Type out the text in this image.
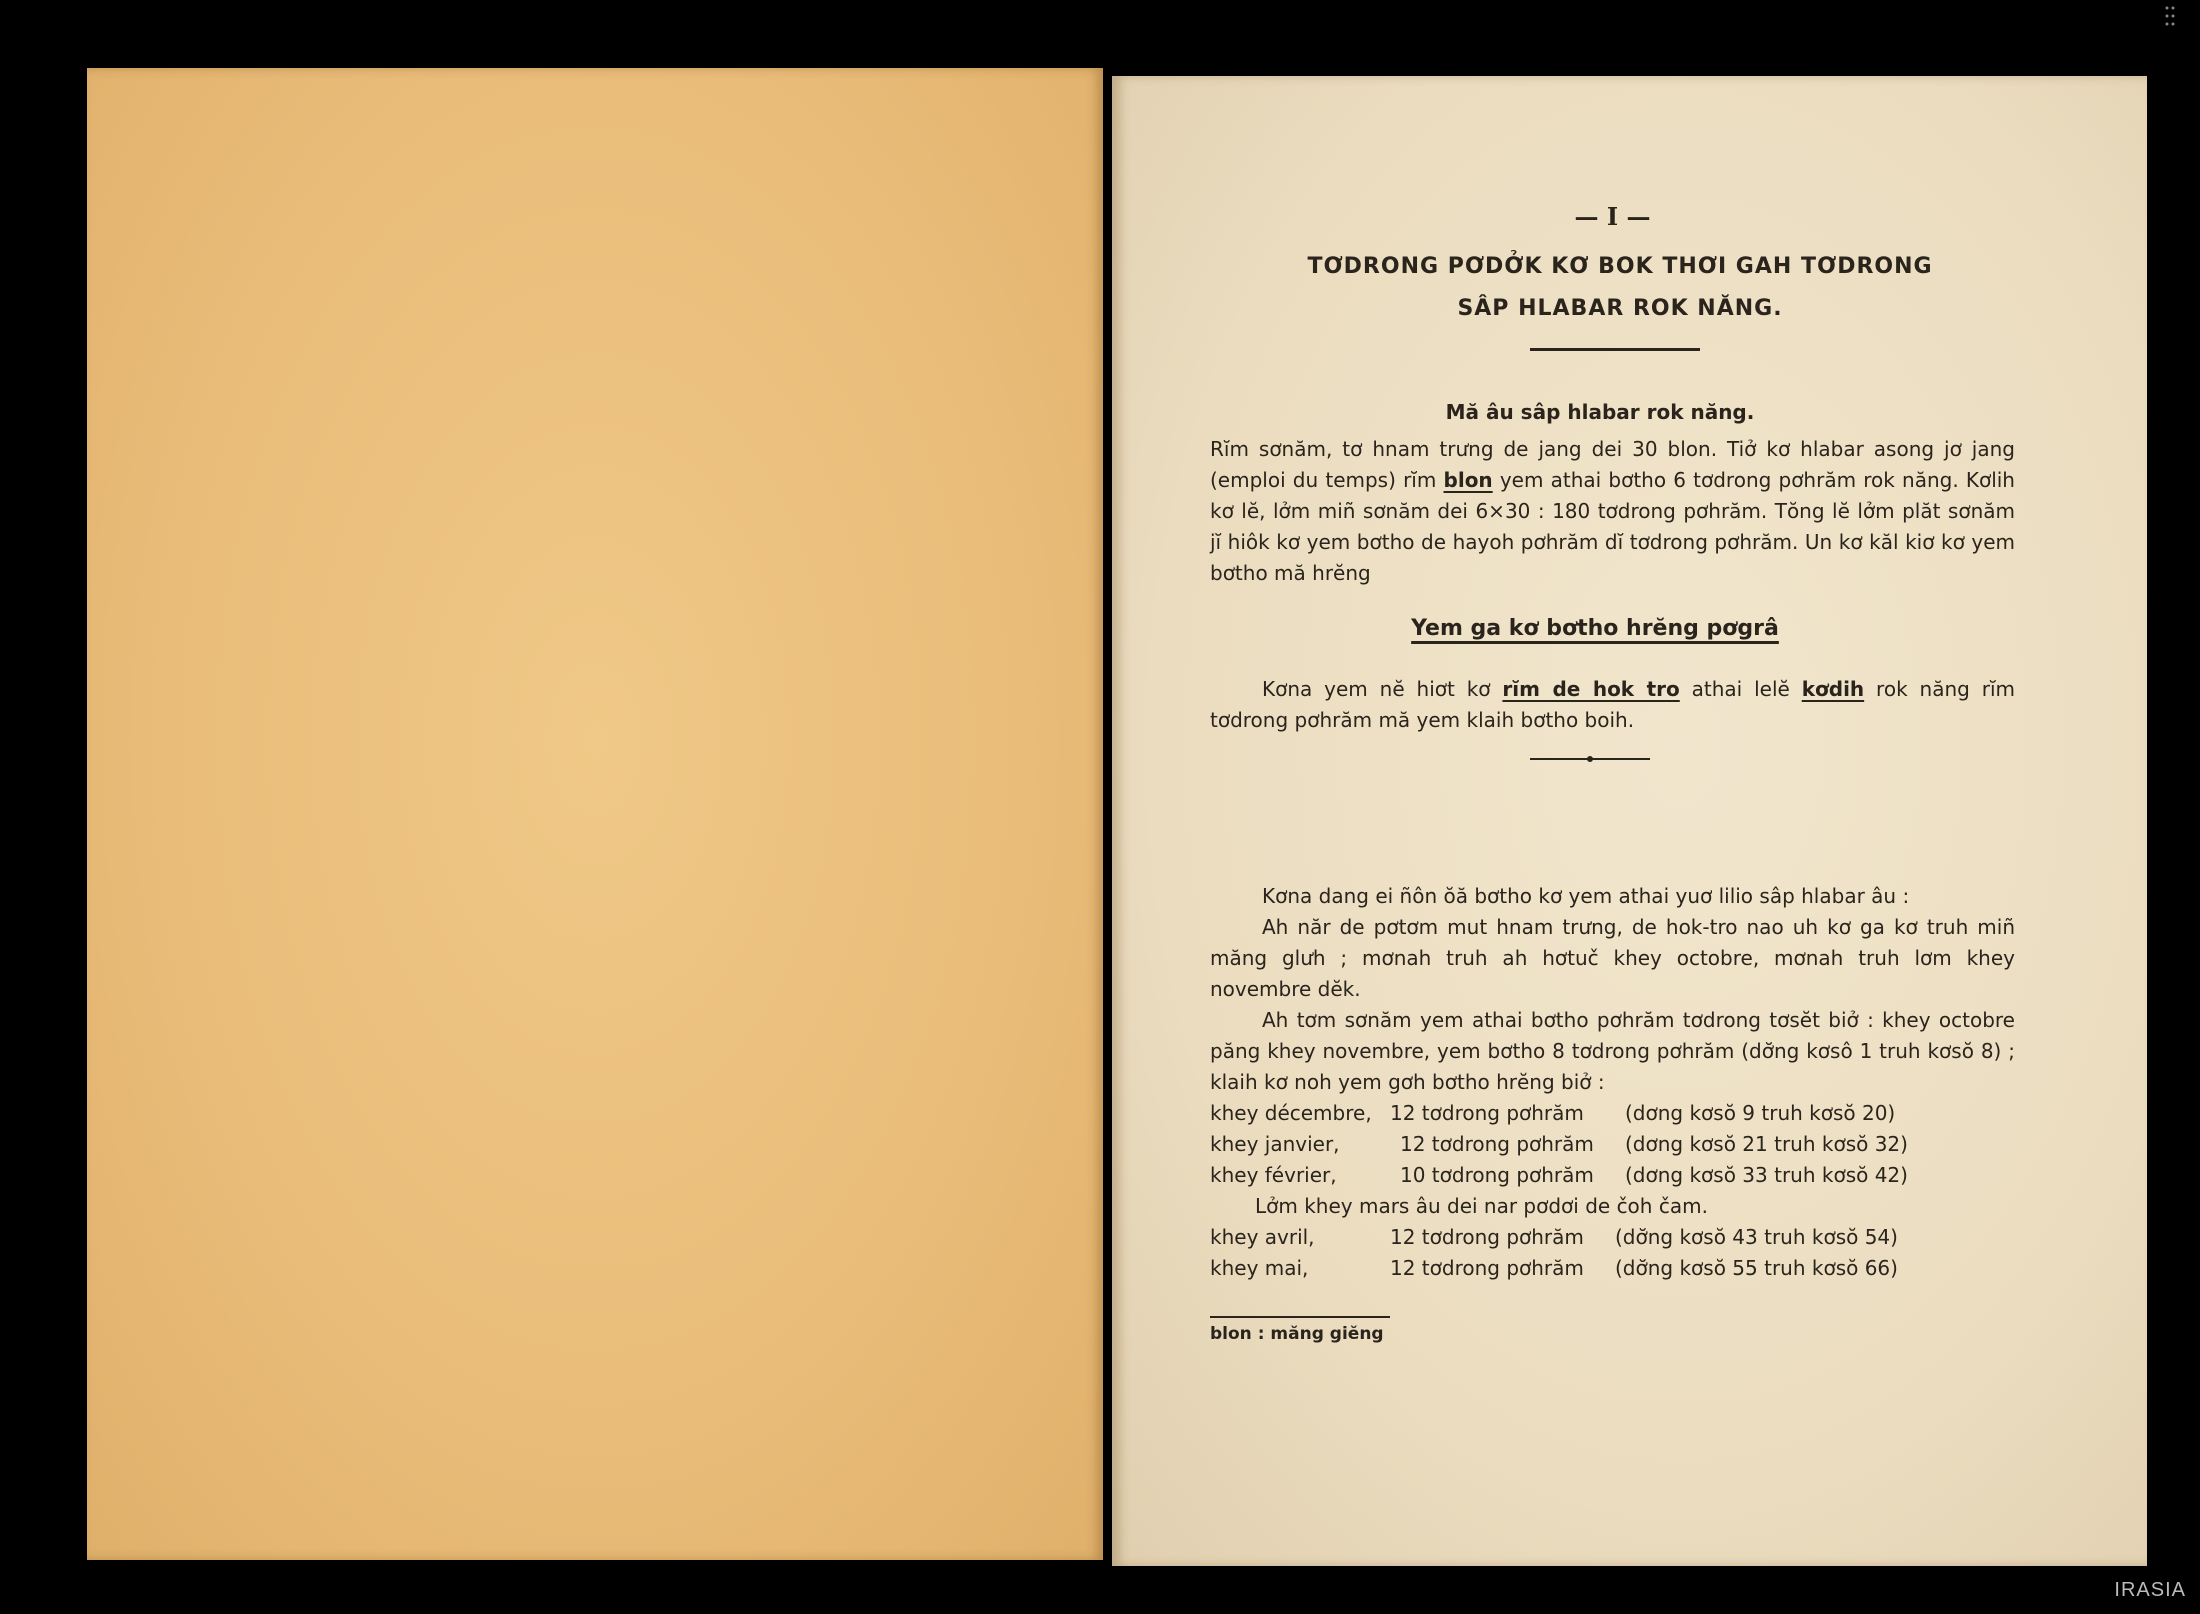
— I —
TƠDRONG PƠDỞK KƠ BOK THƠI GAH TƠDRONG
SÂP HLABAR ROK NĂNG.
Mă âu sâp hlabar rok năng.
Rĭm sơnăm, tơ hnam trưng de jang dei 30 blon. Tiở kơ hlabar asong jơ jang (emploi du temps) rĭm blon yem athai bơtho 6 tơdrong pơhrăm rok năng. Kơlih kơ lĕ, lởm miñ sơnăm dei 6×30 : 180 tơdrong pơhrăm. Tŏng lĕ lởm plăt sơnăm jĭ hiôk kơ yem bơtho de hayoh pơhrăm dĭ tơdrong pơhrăm. Un kơ kăl kiơ kơ yem bơtho mă hrĕng
Yem ga kơ bơtho hrĕng pơgrâ
Kơna yem nĕ hiơt kơ rĭm de hok tro athai lelĕ kơdih rok năng rĭm tơdrong pơhrăm mă yem klaih bơtho boih.
Kơna dang ei ñôn ŏă bơtho kơ yem athai yuơ lilio sâp hlabar âu :
Ah năr de pơtơm mut hnam trưng, de hok-tro nao uh kơ ga kơ truh miñ măng glưh ; mơnah truh ah hơtuč khey octobre, mơnah truh lơm khey novembre dĕk.
Ah tơm sơnăm yem athai bơtho pơhrăm tơdrong tơsĕt biở : khey octobre păng khey novembre, yem bơtho 8 tơdrong pơhrăm (dơ̆ng kơsô 1 truh kơsŏ 8) ; klaih kơ noh yem gơh bơtho hrĕng biở :
khey décembre, 12 tơdrong pơhrăm (dơng kơsŏ 9 truh kơsŏ 20)
khey janvier,	12 tơdrong pơhrăm (dơng kơsŏ 21 truh kơsŏ 32)
khey février,	10 tơdrong pơhrăm (dơng kơsŏ 33 truh kơsŏ 42)
Lởm khey mars âu dei nar pơdơi de čoh čam.
khey avril,	12 tơdrong pơhrăm (dơ̆ng kơsŏ 43 truh kơsŏ 54)
khey mai,	12 tơdrong pơhrăm (dơ̆ng kơsŏ 55 truh kơsŏ 66)
blon : măng giĕng
IRASIA
